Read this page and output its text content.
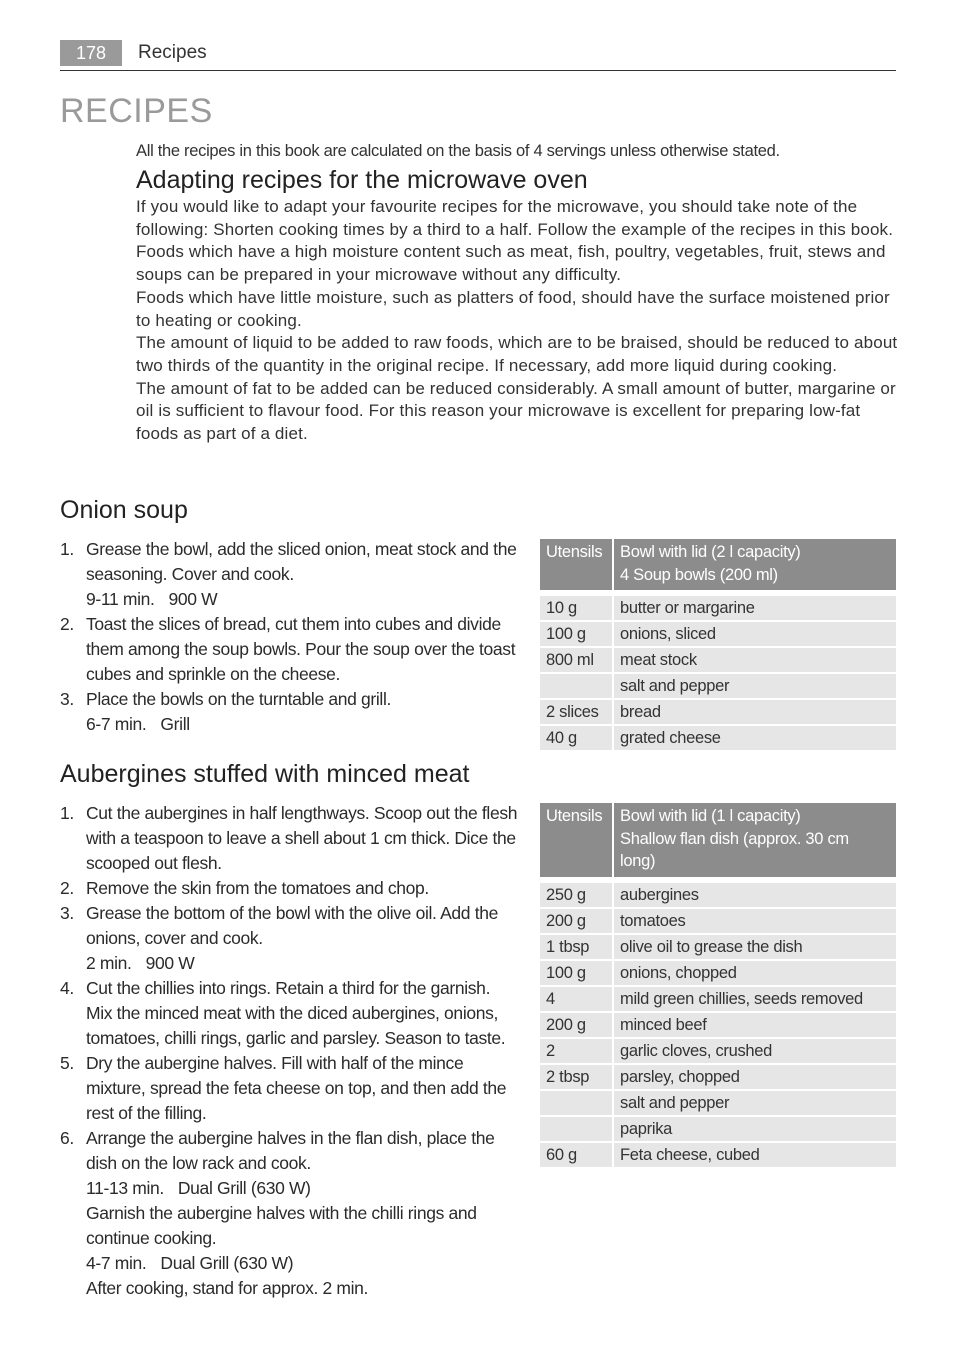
178	Recipes
RECIPES
All the recipes in this book are calculated on the basis of 4 servings unless otherwise stated.
Adapting recipes for the microwave oven

If you would like to adapt your favourite recipes for the microwave, you should take note of the following: Shorten cooking times by a third to a half. Follow the example of the recipes in this book.

Foods which have a high moisture content such as meat, fish, poultry, vegetables, fruit, stews and soups can be prepared in your microwave without any difficulty.

Foods which have little moisture, such as platters of food, should have the surface moistened prior to heating or cooking.

The amount of liquid to be added to raw foods, which are to be braised, should be reduced to about two thirds of the quantity in the original recipe. If necessary, add more liquid during cooking.

The amount of fat to be added can be reduced considerably. A small amount of butter, margarine or oil is sufficient to flavour food. For this reason your microwave is excellent for preparing low-fat foods as part of a diet.

Onion soup
1. Grease the bowl, add the sliced onion, meat stock and the seasoning. Cover and cook.
9-11 min. 900 W
2. Toast the slices of bread, cut them into cubes and divide them among the soup bowls. Pour the soup over the toast cubes and sprinkle on the cheese.
3. Place the bowls on the turntable and grill.
6-7 min. Grill
Utensils	Bowl with lid (2 l capacity)
4 Soup bowls (200 ml)

10 g	butter or margarine
100 g	onions, sliced
800 ml	meat stock
	salt and pepper
2 slices	bread
40 g	grated cheese
Aubergines stuffed with minced meat
1. Cut the aubergines in half lengthways. Scoop out the flesh with a teaspoon to leave a shell about 1 cm thick. Dice the scooped out flesh.
2. Remove the skin from the tomatoes and chop.
3. Grease the bottom of the bowl with the olive oil. Add the onions, cover and cook.
2 min. 900 W
4. Cut the chillies into rings. Retain a third for the garnish. Mix the minced meat with the diced aubergines, onions, tomatoes, chilli rings, garlic and parsley. Season to taste.
5. Dry the aubergine halves. Fill with half of the mince mixture, spread the feta cheese on top, and then add the rest of the filling.
6. Arrange the aubergine halves in the flan dish, place the dish on the low rack and cook.
11-13 min. Dual Grill (630 W)
Garnish the aubergine halves with the chilli rings and continue cooking.
4-7 min. Dual Grill (630 W)
After cooking, stand for approx. 2 min.
Utensils	Bowl with lid (1 l capacity)
Shallow flan dish (approx. 30 cm
long)

250 g	aubergines
200 g	tomatoes
1 tbsp	olive oil to grease the dish
100 g	onions, chopped
4	mild green chillies, seeds removed
200 g	minced beef
2	garlic cloves, crushed
2 tbsp	parsley, chopped
	salt and pepper
	paprika
60 g	Feta cheese, cubed
